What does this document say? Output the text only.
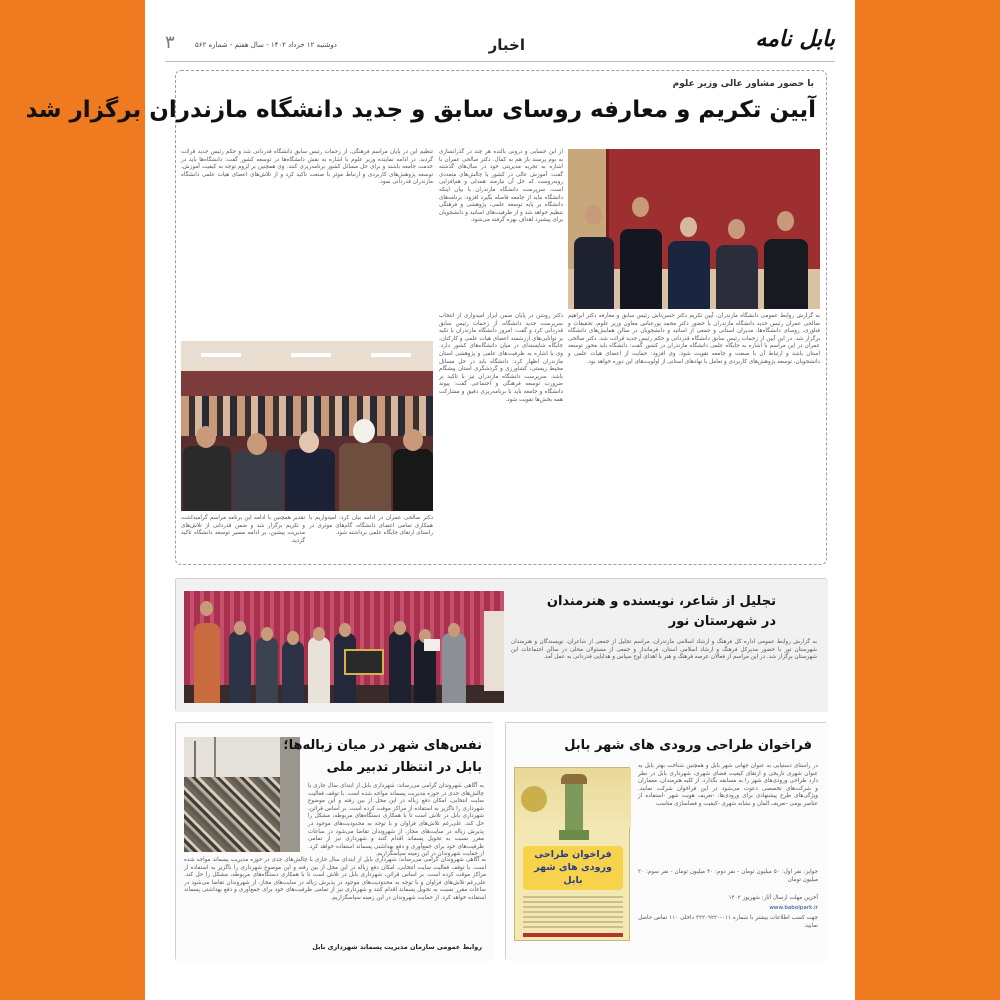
بابل نامه
اخبار
دوشنبه ۱۲ خرداد ۱۴۰۲ - سال هفتم - شماره ۵۶۲
۳
با حضور مشاور عالی وزیر علوم
آیین تکریم و معارفه روسای سابق و جدید دانشگاه مازندران برگزار شد
به گزارش روابط عمومی دانشگاه مازندران، آیین تکریم دکتر حسن‌تاش رئیس سابق و معارفه دکتر ابراهیم صالحی عمران رئیس جدید دانشگاه مازندران با حضور دکتر محمد پورعباس معاون وزیر علوم، تحقیقات و فناوری، روسای دانشگاه‌ها، مدیران استانی و جمعی از اساتید و دانشجویان در سالن همایش‌های دانشگاه برگزار شد. در این آیین از زحمات رئیس سابق دانشگاه قدردانی و حکم رئیس جدید قرائت شد. دکتر صالحی عمران در این مراسم با اشاره به جایگاه علمی دانشگاه مازندران در کشور گفت: دانشگاه باید محور توسعه استان باشد و ارتباط آن با صنعت و جامعه تقویت شود. وی افزود: حمایت از اعضای هیات علمی و دانشجویان، توسعه پژوهش‌های کاربردی و تعامل با نهادهای استانی از اولویت‌های این دوره خواهد بود.
دکتر روشن در پایان ضمن ابراز امیدواری از انتخاب سرپرست جدید دانشگاه، از زحمات رئیس سابق قدردانی کرد و گفت: امروز دانشگاه مازندران با تکیه بر توانایی‌های ارزشمند اعضای هیات علمی و کارکنان، جایگاه شایسته‌ای در میان دانشگاه‌های کشور دارد. وی با اشاره به ظرفیت‌های علمی و پژوهشی استان مازندران اظهار کرد: دانشگاه باید در حل مسائل محیط زیستی، کشاورزی و گردشگری استان پیشگام باشد. سرپرست دانشگاه مازندران نیز با تاکید بر ضرورت توسعه فرهنگی و اجتماعی گفت: پیوند دانشگاه و جامعه باید با برنامه‌ریزی دقیق و مشارکت همه بخش‌ها تقویت شود.
از این حسابی و درونی بالنده هر چند در گذرانسازی به بوم پرسند باز هم به کمال. دکتر صالحی عمران با اشاره به تجربه مدیریتی خود در سال‌های گذشته گفت: آموزش عالی در کشور با چالش‌های متعددی روبه‌روست که حل آن نیازمند همدلی و هم‌افزایی است. سرپرست دانشگاه مازندران با بیان اینکه دانشگاه نباید از جامعه فاصله بگیرد افزود: برنامه‌های دانشگاه بر پایه توسعه علمی، پژوهشی و فرهنگی تنظیم خواهد شد و از ظرفیت‌های اساتید و دانشجویان برای پیشبرد اهداف بهره گرفته می‌شود.
تنظیم این در پایان مراسم فرهنگی، از زحمات رئیس سابق دانشگاه قدردانی شد و حکم رئیس جدید قرائت گردید. در ادامه نماینده وزیر علوم با اشاره به نقش دانشگاه‌ها در توسعه کشور گفت: دانشگاه‌ها باید در خدمت جامعه باشند و برای حل مسائل کشور برنامه‌ریزی کنند. وی همچنین بر لزوم توجه به کیفیت آموزش، توسعه پژوهش‌های کاربردی و ارتباط موثر با صنعت تاکید کرد و از تلاش‌های اعضای هیات علمی دانشگاه مازندران قدردانی نمود.
تقدیر همچنین با ادامه این برنامه مراسم گرامیداشت و تکریم برگزار شد و ضمن قدردانی از تلاش‌های مدیریت پیشین، بر ادامه مسیر توسعه دانشگاه تاکید گردید.
دکتر صالحی عمران در ادامه بیان کرد: امیدواریم با همکاری تمامی اعضای دانشگاه، گام‌های موثری در راستای ارتقای جایگاه علمی برداشته شود.
تجلیل از شاعر، نویسنده و هنرمندان
در شهرستان نور
به گزارش روابط عمومی اداره کل فرهنگ و ارشاد اسلامی مازندران، مراسم تجلیل از جمعی از شاعران، نویسندگان و هنرمندان شهرستان نور با حضور مدیرکل فرهنگ و ارشاد اسلامی استان، فرماندار و جمعی از مسئولان محلی در سالن اجتماعات این شهرستان برگزار شد. در این مراسم از فعالان عرصه فرهنگ و هنر با اهدای لوح سپاس و هدایایی قدردانی به عمل آمد.
نفس‌های شهر در میان زباله‌ها؛
بابل در انتظار تدبیر ملی
به آگاهی شهروندان گرامی می‌رساند: شهرداری بابل از ابتدای سال جاری با چالش‌های جدی در حوزه مدیریت پسماند مواجه شده است. با توقف فعالیت سایت انتخابی، امکان دفع زباله در این محل از بین رفته و این موضوع شهرداری را ناگزیر به استفاده از مراکز موقت کرده است. بر اساس قرائن، شهرداری بابل در تلاش است تا با همکاری دستگاه‌های مربوطه، مشکل را حل کند. علی‌رغم تلاش‌های فراوان و با توجه به محدودیت‌های موجود در پذیرش زباله در سایت‌های مجاز، از شهروندان تقاضا می‌شود در ساعات مقرر نسبت به تحویل پسماند اقدام کنند و شهرداری نیز از تمامی ظرفیت‌های خود برای جمع‌آوری و دفع بهداشتی پسماند استفاده خواهد کرد. از حمایت شهروندان در این زمینه سپاسگزاریم.
به آگاهی شهروندان گرامی می‌رساند: شهرداری بابل از ابتدای سال جاری با چالش‌های جدی در حوزه مدیریت پسماند مواجه شده است. با توقف فعالیت سایت انتخابی، امکان دفع زباله در این محل از بین رفته و این موضوع شهرداری را ناگزیر به استفاده از مراکز موقت کرده است. بر اساس قرائن، شهرداری بابل در تلاش است تا با همکاری دستگاه‌های مربوطه، مشکل را حل کند. علی‌رغم تلاش‌های فراوان و با توجه به محدودیت‌های موجود در پذیرش زباله در سایت‌های مجاز، از شهروندان تقاضا می‌شود در ساعات مقرر نسبت به تحویل پسماند اقدام کنند و شهرداری نیز از تمامی ظرفیت‌های خود برای جمع‌آوری و دفع بهداشتی پسماند استفاده خواهد کرد. از حمایت شهروندان در این زمینه سپاسگزاریم.
روابط عمومی سازمان مدیریت پسماند شهرداری بابل
فراخوان طراحی ورودی های شهر بابل
فراخوان طراحی ورودی های شهر بابل
در راستای دستیابی به عنوان جهانی شهر بابل و همچنین شناخت بهتر بابل به عنوان شهری تاریخی و ارتقای کیفیت فضای شهری، شهرداری بابل در نظر دارد طراحی ورودی‌های شهر را به مسابقه بگذارد. از کلیه هنرمندان، معماران و شرکت‌های تخصصی دعوت می‌شود در این فراخوان شرکت نمایند. ویژگی‌های طرح پیشنهادی برای ورودی‌ها: -تعریف هویت شهر -استفاده از عناصر بومی -تعریف المان و نشانه شهری -کیفیت و فضاسازی مناسب
جوایز: نفر اول: ۵۰ میلیون تومان - نفر دوم: ۴۰ میلیون تومان - نفر سوم: ۳۰ میلیون تومان
آخرین مهلت ارسال آثار: شهریور ۱۴۰۲
www.babolpark.ir
جهت کسب اطلاعات بیشتر با شماره ۰۱۱-۳۲۲۰۹۲۲۰ داخلی ۱۱۰ تماس حاصل نمایید.
